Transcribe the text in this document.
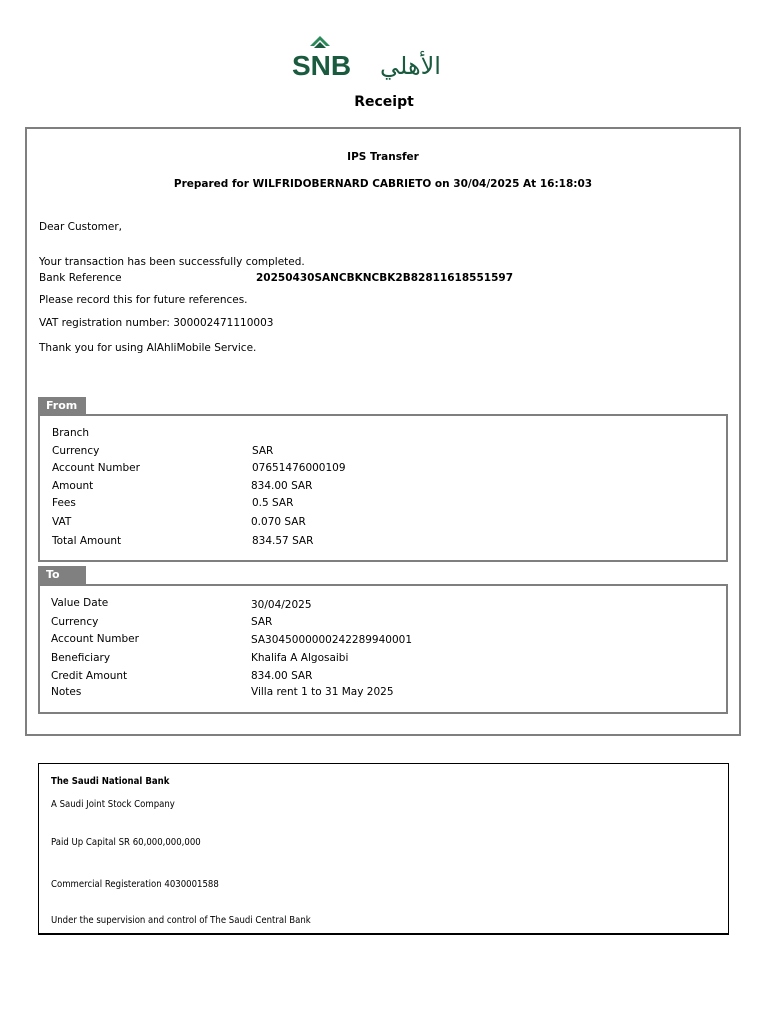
SNB الأهلي
Receipt
IPS Transfer
Prepared for WILFRIDOBERNARD CABRIETO on 30/04/2025 At 16:18:03
Dear Customer,
Your transaction has been successfully completed.
Bank Reference	20250430SANCBKNCBK2B82811618551597
Please record this for future references.
VAT registration number: 300002471110003
Thank you for using AlAhliMobile Service.
From
Branch
Currency	SAR
Account Number	07651476000109
Amount	834.00 SAR
Fees	0.5 SAR
VAT	0.070 SAR
Total Amount	834.57 SAR
To
Value Date	30/04/2025
Currency	SAR
Account Number	SA3045000000242289940001
Beneficiary	Khalifa A Algosaibi
Credit Amount	834.00 SAR
Notes	Villa rent 1 to 31 May 2025
The Saudi National Bank
A Saudi Joint Stock Company
Paid Up Capital SR 60,000,000,000
Commercial Registeration 4030001588
Under the supervision and control of The Saudi Central Bank
